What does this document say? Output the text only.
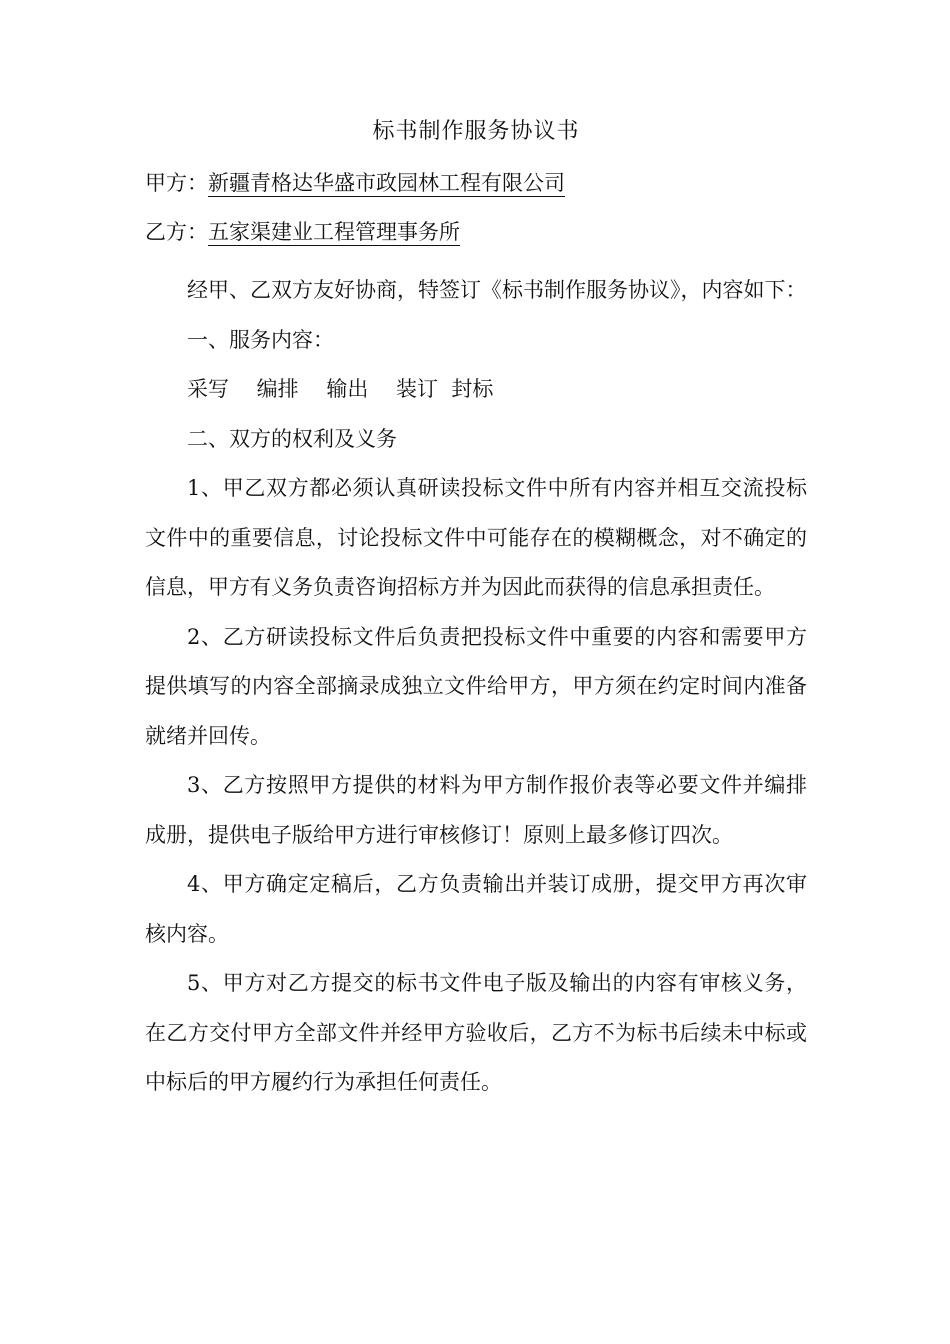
标书制作服务协议书
甲方：新疆青格达华盛市政园林工程有限公司
乙方：五家渠建业工程管理事务所

经甲、乙双方友好协商，特签订《标书制作服务协议》，内容如下：

一、服务内容：

采写　 编排　 输出　 装订  封标

二、双方的权利及义务

1、甲乙双方都必须认真研读投标文件中所有内容并相互交流投标文件中的重要信息，讨论投标文件中可能存在的模糊概念，对不确定的信息，甲方有义务负责咨询招标方并为因此而获得的信息承担责任。

2、乙方研读投标文件后负责把投标文件中重要的内容和需要甲方提供填写的内容全部摘录成独立文件给甲方，甲方须在约定时间内准备就绪并回传。

3、乙方按照甲方提供的材料为甲方制作报价表等必要文件并编排成册，提供电子版给甲方进行审核修订！原则上最多修订四次。

4、甲方确定定稿后，乙方负责输出并装订成册，提交甲方再次审核内容。

5、甲方对乙方提交的标书文件电子版及输出的内容有审核义务，在乙方交付甲方全部文件并经甲方验收后，乙方不为标书后续未中标或中标后的甲方履约行为承担任何责任。
